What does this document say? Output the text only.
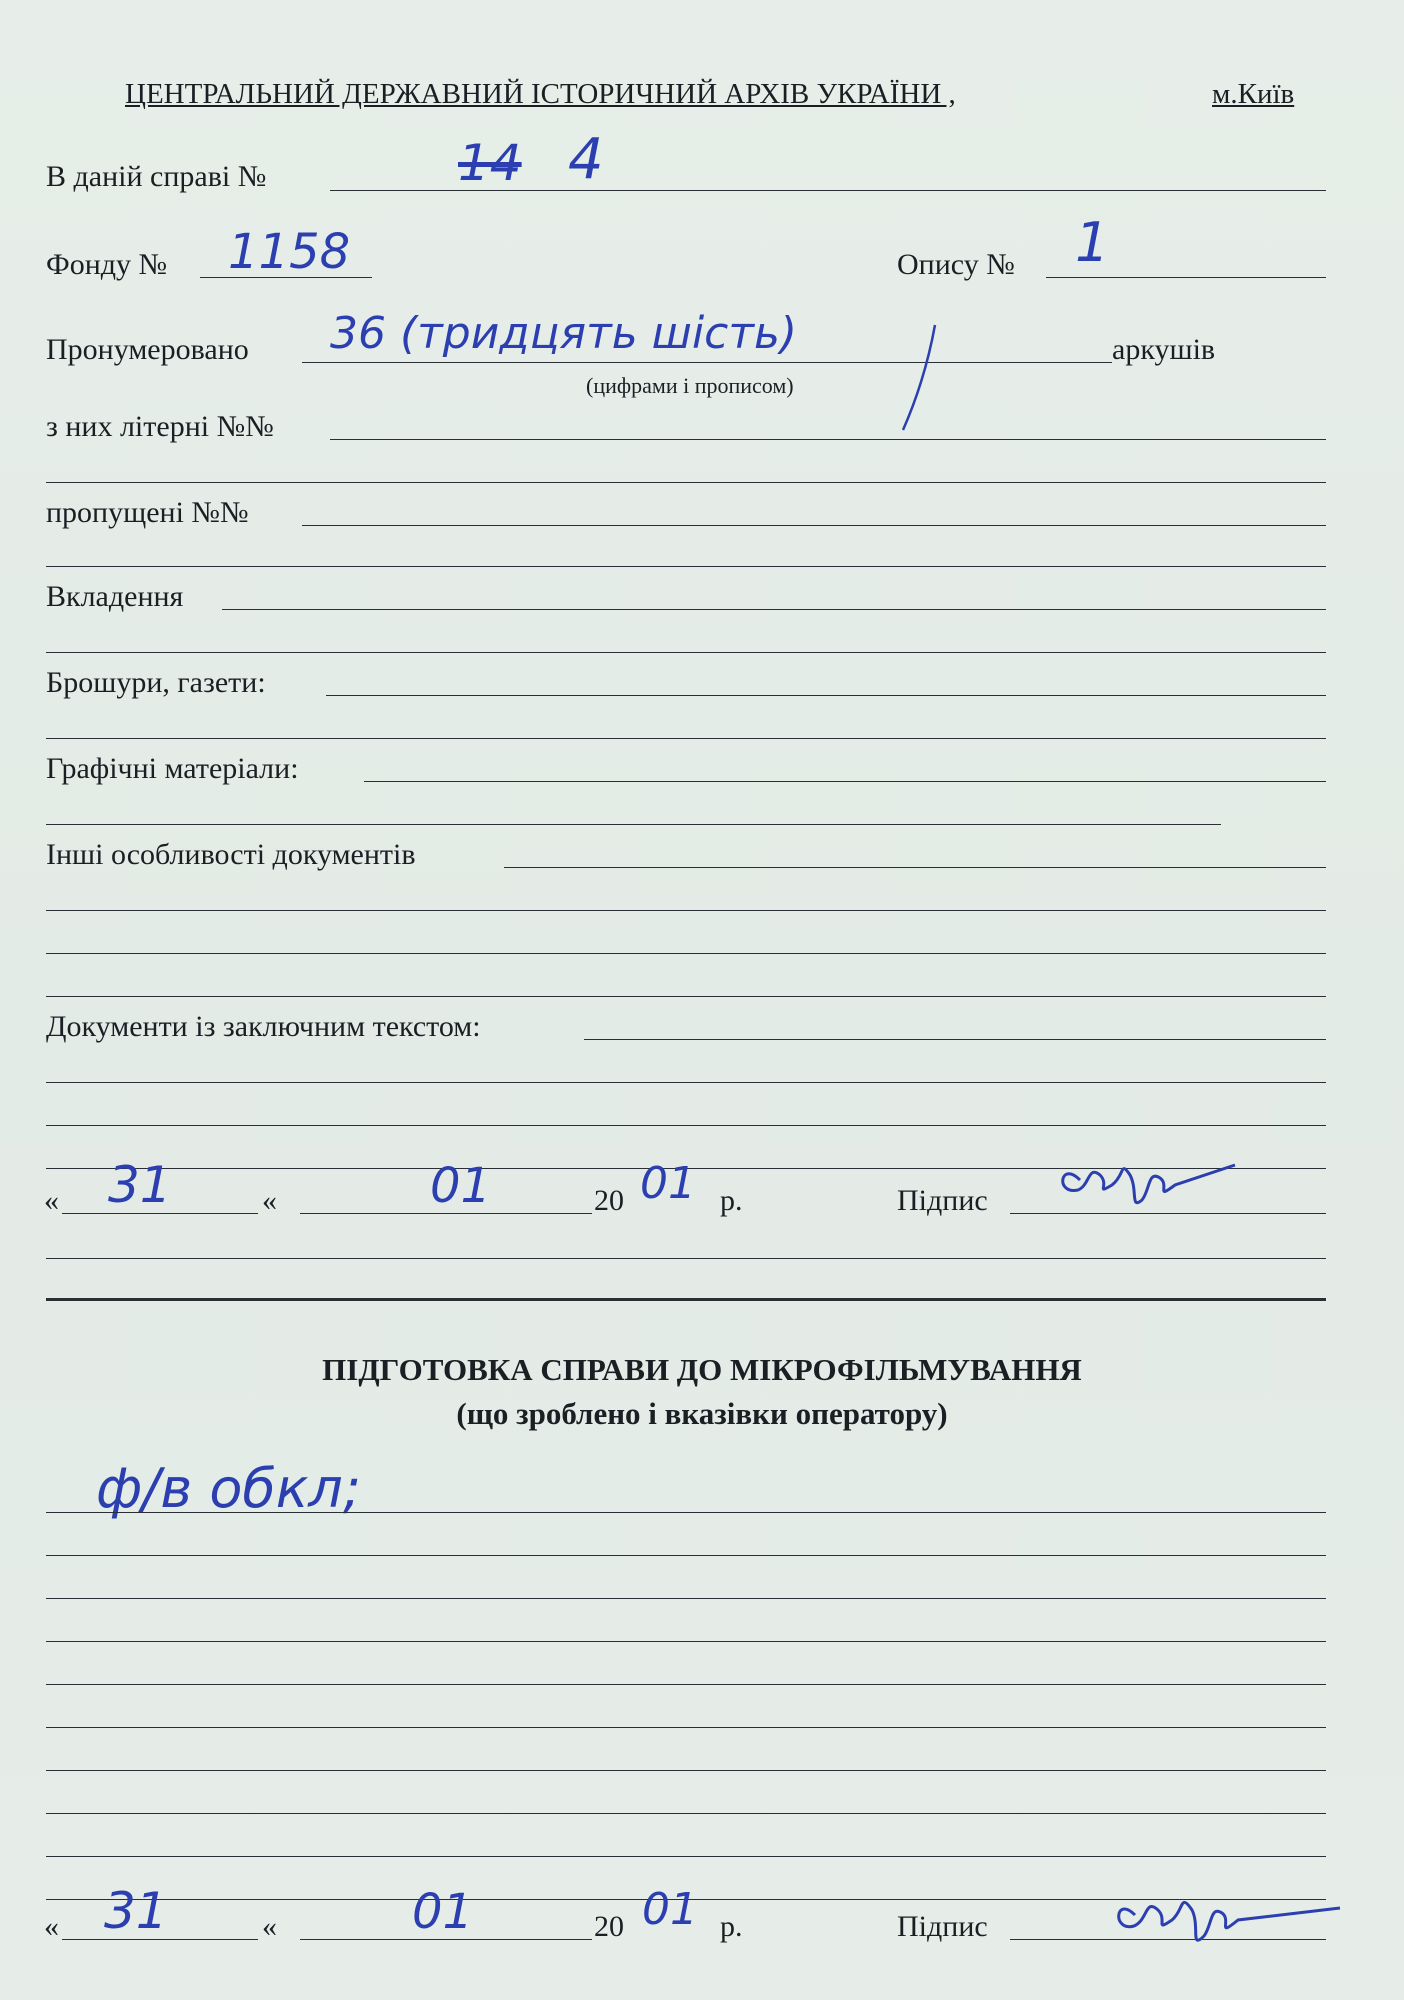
ЦЕНТРАЛЬНИЙ ДЕРЖАВНИЙ ІСТОРИЧНИЙ АРХІВ УКРАЇНИ ,	м.Київ
В даній справі №	14 4
Фонду № 1158	Опису № 1
Пронумеровано 36 (тридцять шість)	аркушів
(цифрами і прописом)
з них літерні №№
пропущені №№
Вкладення
Брошури, газети:
Графічні матеріали:
Інші особливості документів
Документи із заключним текстом:
« 31	«	01	20 01 р.	Підпис
ПІДГОТОВКА СПРАВИ ДО МІКРОФІЛЬМУВАННЯ
(що зроблено і вказівки оператору)
ф/в обкл;
« 31	«	01	20 01 р.	Підпис
